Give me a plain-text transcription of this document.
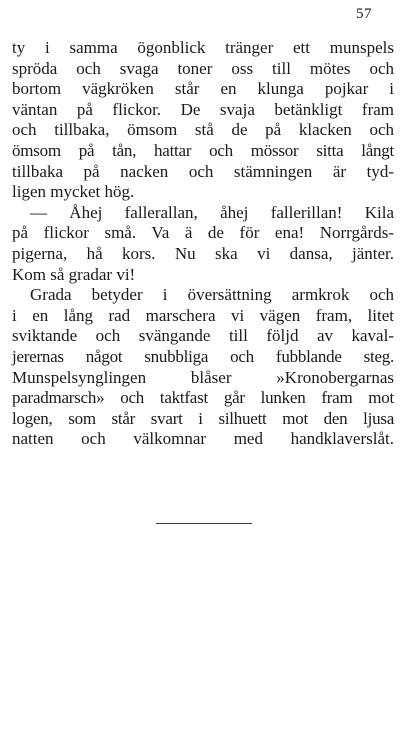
57

ty i samma ögonblick tränger ett munspels
spröda och svaga toner oss till mötes och
bortom vägkröken står en klunga pojkar i
väntan på flickor. De svaja betänkligt fram
och tillbaka, ömsom stå de på klacken och
ömsom på tån, hattar och mössor sitta långt
tillbaka på nacken och stämningen är tyd-
ligen mycket hög.

— Åhej fallerallan, åhej fallerillan! Kila
på flickor små. Va ä de för ena! Norrgårds-
pigerna, hå kors. Nu ska vi dansa, jänter.
Kom så gradar vi!

Grada betyder i översättning armkrok och
i en lång rad marschera vi vägen fram, litet
sviktande och svängande till följd av kaval-
jerernas något snubbliga och fubblande steg.
Munspelsynglingen blåser »Kronobergarnas
paradmarsch» och taktfast går lunken fram mot
logen, som står svart i silhuett mot den ljusa
natten och välkomnar med handklaverslåt.
